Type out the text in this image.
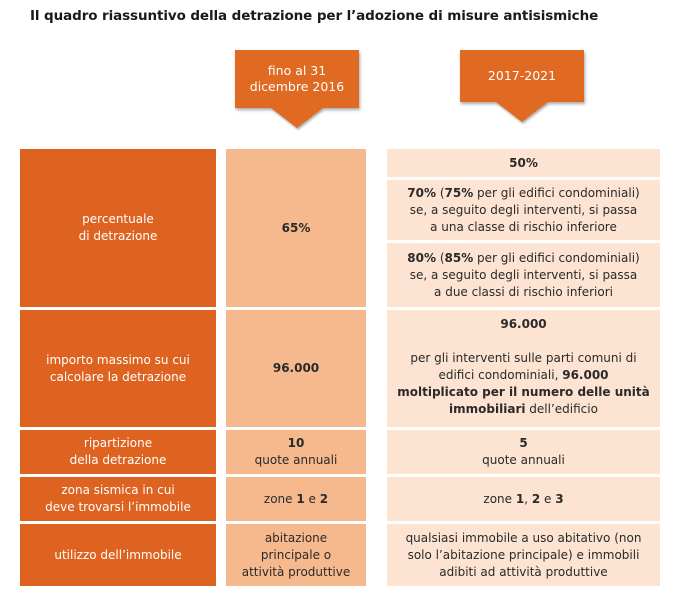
Il quadro riassuntivo della detrazione per l’adozione di misure antisismiche
fino al 31
dicembre 2016
2017-2021
percentuale
di detrazione
65%
50%
70% (75% per gli edifici condominiali)
se, a seguito degli interventi, si passa
a una classe di rischio inferiore
80% (85% per gli edifici condominiali)
se, a seguito degli interventi, si passa
a due classi di rischio inferiori
importo massimo su cui
calcolare la detrazione
96.000
96.000
per gli interventi sulle parti comuni di
edifici condominiali, 96.000
moltiplicato per il numero delle unità
immobiliari dell’edificio
ripartizione
della detrazione
10
quote annuali
5
quote annuali
zona sismica in cui
deve trovarsi l’immobile
zone 1 e 2	zone 1, 2 e 3
utilizzo dell’immobile
abitazione
principale o
attività produttive
qualsiasi immobile a uso abitativo (non
solo l’abitazione principale) e immobili
adibiti ad attività produttive
